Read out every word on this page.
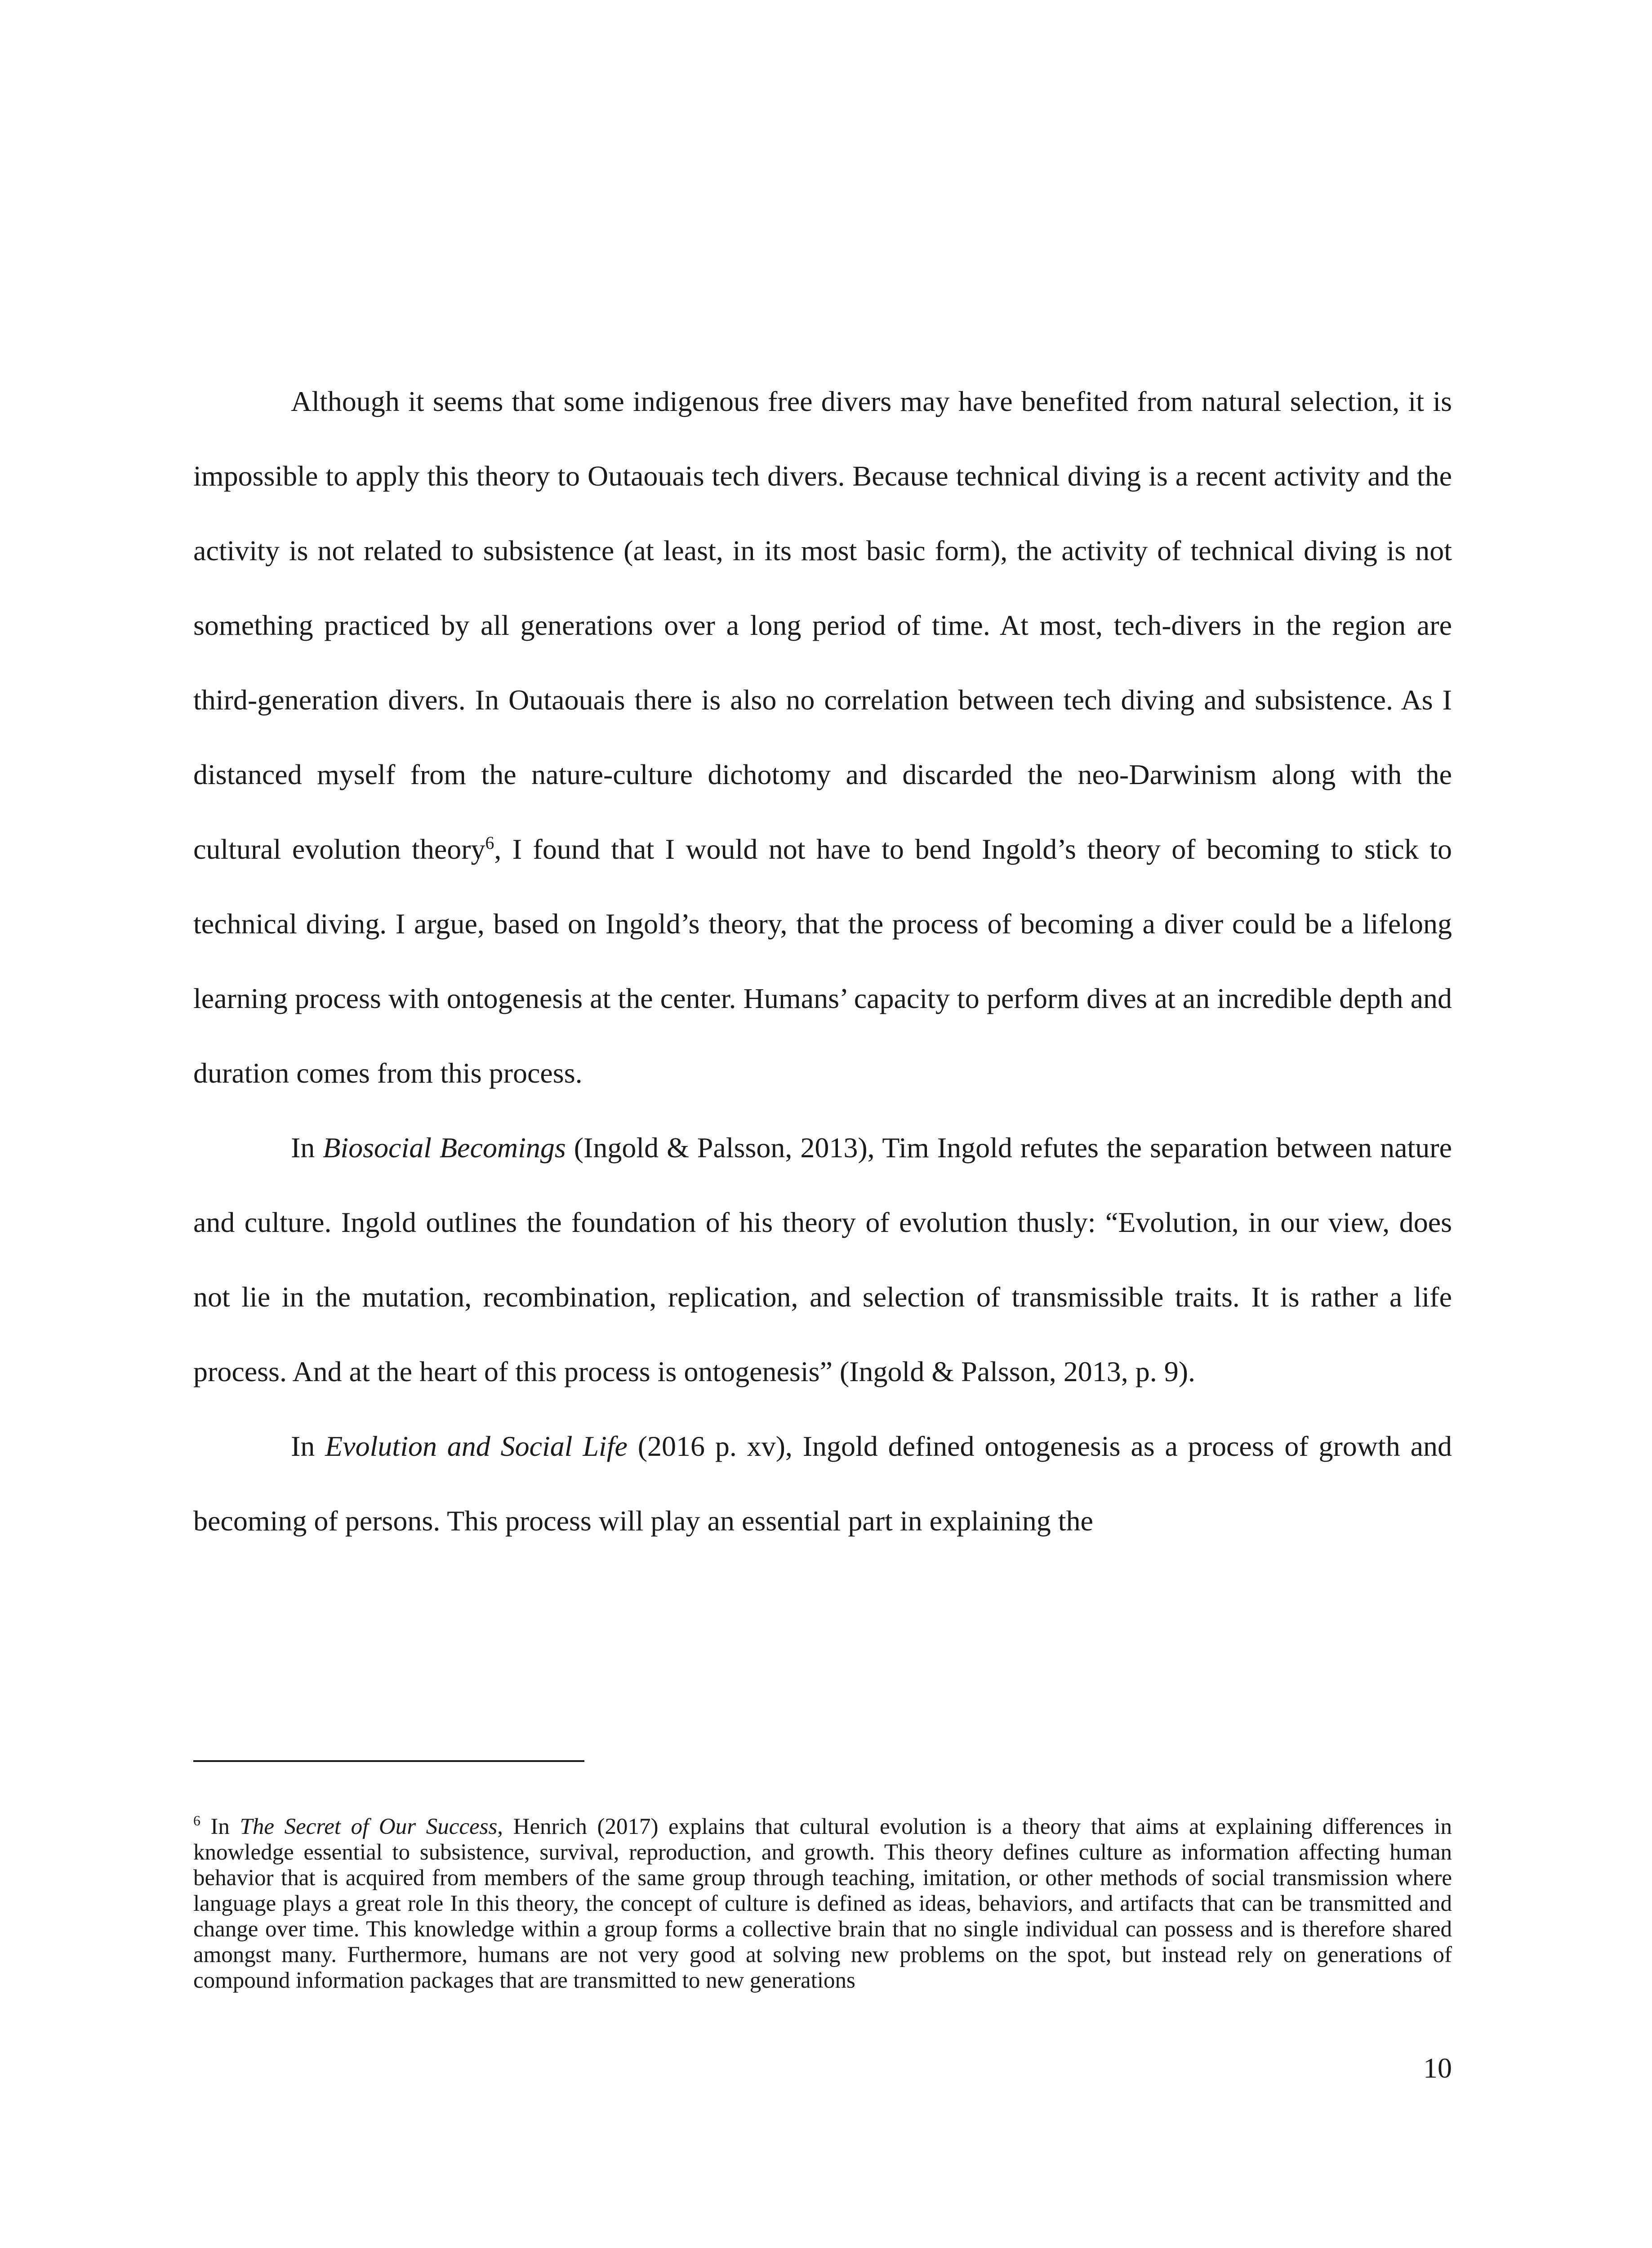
Although it seems that some indigenous free divers may have benefited from natural selection, it is impossible to apply this theory to Outaouais tech divers. Because technical diving is a recent activity and the activity is not related to subsistence (at least, in its most basic form), the activity of technical diving is not something practiced by all generations over a long period of time. At most, tech-divers in the region are third-generation divers. In Outaouais there is also no correlation between tech diving and subsistence. As I distanced myself from the nature-culture dichotomy and discarded the neo-Darwinism along with the cultural evolution theory$^6$, I found that I would not have to bend Ingold’s theory of becoming to stick to technical diving. I argue, based on Ingold’s theory, that the process of becoming a diver could be a lifelong learning process with ontogenesis at the center. Humans’ capacity to perform dives at an incredible depth and duration comes from this process.

In Biosocial Becomings (Ingold & Palsson, 2013), Tim Ingold refutes the separation between nature and culture. Ingold outlines the foundation of his theory of evolution thusly: “Evolution, in our view, does not lie in the mutation, recombination, replication, and selection of transmissible traits. It is rather a life process. And at the heart of this process is ontogenesis” (Ingold & Palsson, 2013, p. 9).

In Evolution and Social Life (2016 p. xv), Ingold defined ontogenesis as a process of growth and becoming of persons. This process will play an essential part in explaining the

$^6$ In The Secret of Our Success, Henrich (2017) explains that cultural evolution is a theory that aims at explaining differences in knowledge essential to subsistence, survival, reproduction, and growth. This theory defines culture as information affecting human behavior that is acquired from members of the same group through teaching, imitation, or other methods of social transmission where language plays a great role In this theory, the concept of culture is defined as ideas, behaviors, and artifacts that can be transmitted and change over time. This knowledge within a group forms a collective brain that no single individual can possess and is therefore shared amongst many. Furthermore, humans are not very good at solving new problems on the spot, but instead rely on generations of compound information packages that are transmitted to new generations

10
